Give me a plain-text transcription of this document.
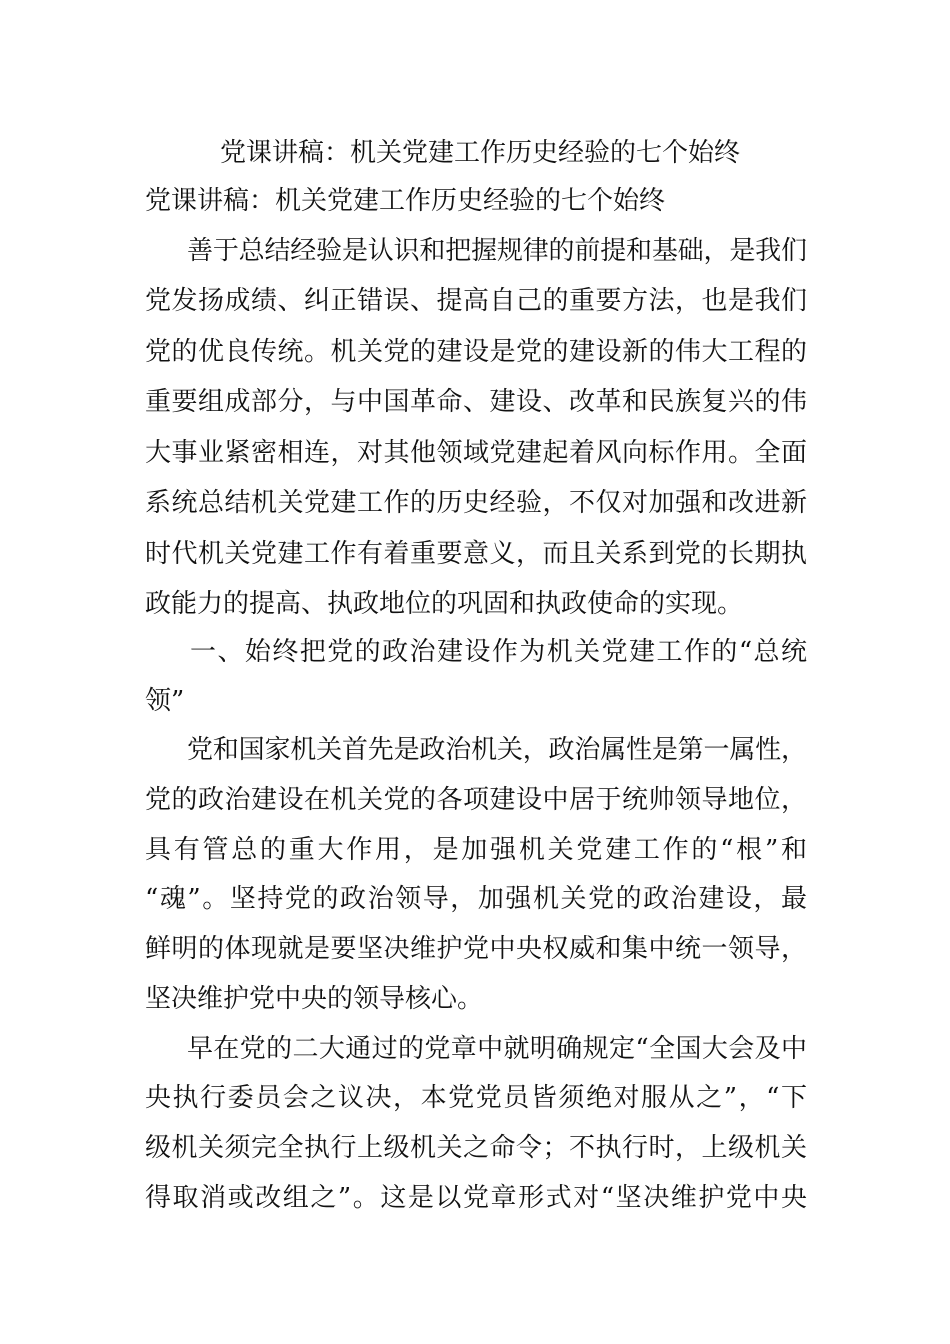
党课讲稿：机关党建工作历史经验的七个始终
党课讲稿：机关党建工作历史经验的七个始终
善于总结经验是认识和把握规律的前提和基础，是我们
党发扬成绩、纠正错误、提高自己的重要方法，也是我们
党的优良传统。机关党的建设是党的建设新的伟大工程的
重要组成部分，与中国革命、建设、改革和民族复兴的伟
大事业紧密相连，对其他领域党建起着风向标作用。全面
系统总结机关党建工作的历史经验，不仅对加强和改进新
时代机关党建工作有着重要意义，而且关系到党的长期执
政能力的提高、执政地位的巩固和执政使命的实现。
一、始终把党的政治建设作为机关党建工作的“总统
领”
党和国家机关首先是政治机关，政治属性是第一属性，
党的政治建设在机关党的各项建设中居于统帅领导地位，
具有管总的重大作用，是加强机关党建工作的“根”和
“魂”。坚持党的政治领导，加强机关党的政治建设，最
鲜明的体现就是要坚决维护党中央权威和集中统一领导，
坚决维护党中央的领导核心。
早在党的二大通过的党章中就明确规定“全国大会及中
央执行委员会之议决，本党党员皆须绝对服从之”，“下
级机关须完全执行上级机关之命令；不执行时，上级机关
得取消或改组之”。这是以党章形式对“坚决维护党中央
